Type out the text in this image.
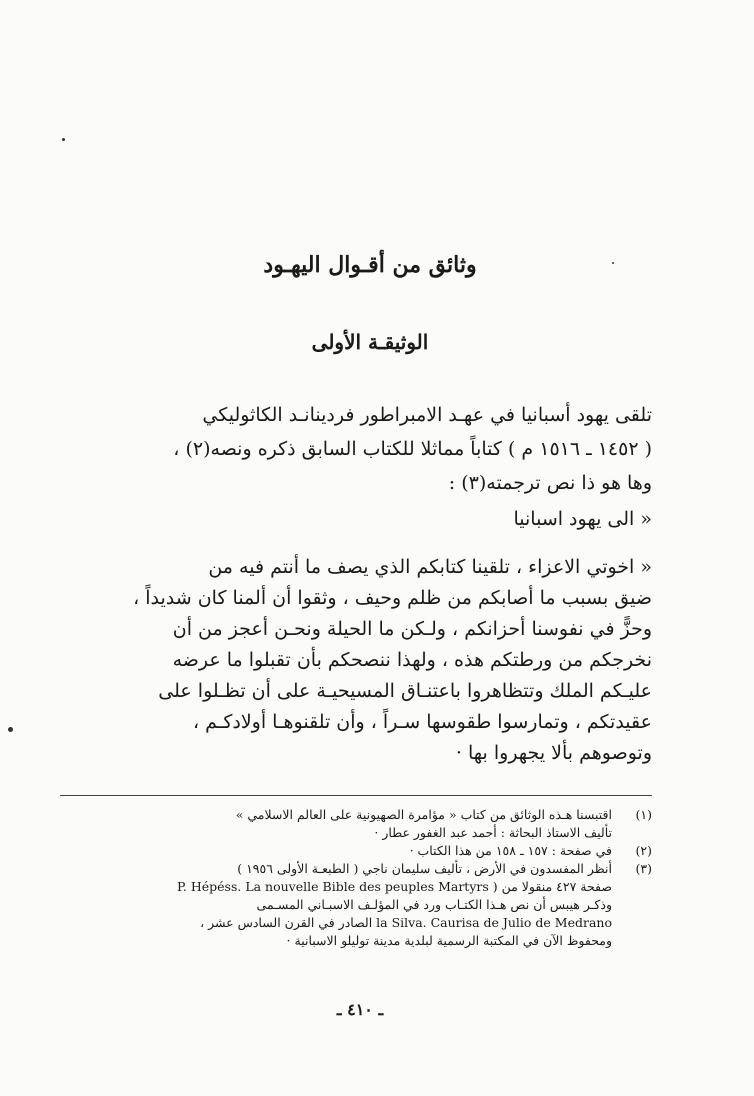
وثائق من أقـوال اليهـود
الوثيقـة الأولى

تلقى يهود أسبانيا في عهـد الامبراطور فردينانـد الكاثوليكي

( ١٤٥٢ ـ ١٥١٦ م ) كتاباً مماثلا للكتاب السابق ذكره ونصه(٢) ،

وها هو ذا نص ترجمته(٣) :

« الى يهود اسبانيا

« اخوتي الاعزاء ، تلقينا كتابكم الذي يصف ما أنتم فيه من

ضيق بسبب ما أصابكم من ظلم وحيف ، وثقوا أن ألمنا كان شديداً ،

وحزًّ في نفوسنا أحزانكم ، ولـكن ما الحيلة ونحـن أعجز من أن

نخرجكم من ورطتكم هذه ، ولهذا ننصحكم بأن تقبلوا ما عرضه

عليـكم الملك وتتظاهروا باعتنـاق المسيحيـة على أن تظـلوا على

عقيدتكم ، وتمارسوا طقوسها سـراً ، وأن تلقنوهـا أولادكـم ،

وتوصوهم بألا يجهروا بها ·

(١)

اقتبسنا هـذه الوثائق من كتاب « مؤامرة الصهيونية على العالم الاسلامي »

تأليف الاستاذ البحاثة : أحمد عبد الغفور عطار ·

(٢)

في صفحة : ١٥٧ ـ ١٥٨ من هذا الكتاب ·

(٣)

أنظر المفسدون في الأرض ، تأليف سليمان ناجي ( الطبعـة الأولى ١٩٥٦ )

صفحة ٤٢٧ منقولا من ( P. Hépéss. La nouvelle Bible des peuples Martyrs

وذكـر هيبس أن نص هـذا الكتـاب ورد في المؤلـف الاسبـاني المسـمى

la Silva. Caurisa de Julio de Medrano الصادر في القرن السادس عشر ،

ومحفوظ الآن في المكتبة الرسمية لبلدية مدينة توليلو الاسبانية ·

ـ ٤١٠ ـ
